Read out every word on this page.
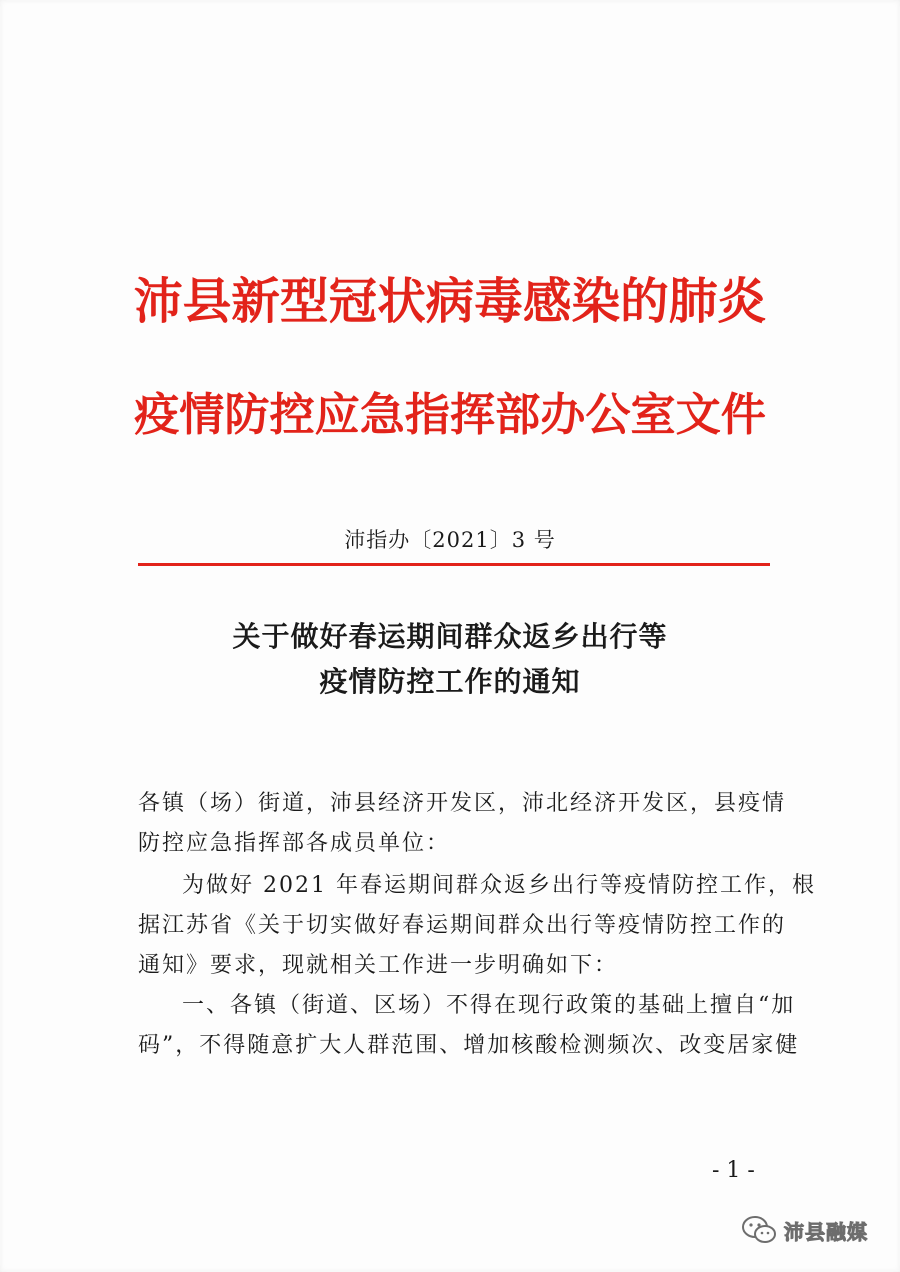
沛县新型冠状病毒感染的肺炎
疫情防控应急指挥部办公室文件
沛指办〔2021〕3 号
关于做好春运期间群众返乡出行等
疫情防控工作的通知
各镇（场）街道，沛县经济开发区，沛北经济开发区，县疫情
防控应急指挥部各成员单位：
为做好 2021 年春运期间群众返乡出行等疫情防控工作，根
据江苏省《关于切实做好春运期间群众出行等疫情防控工作的
通知》要求，现就相关工作进一步明确如下：
一、各镇（街道、区场）不得在现行政策的基础上擅自“加
码”，不得随意扩大人群范围、增加核酸检测频次、改变居家健
- 1 -
沛县融媒
